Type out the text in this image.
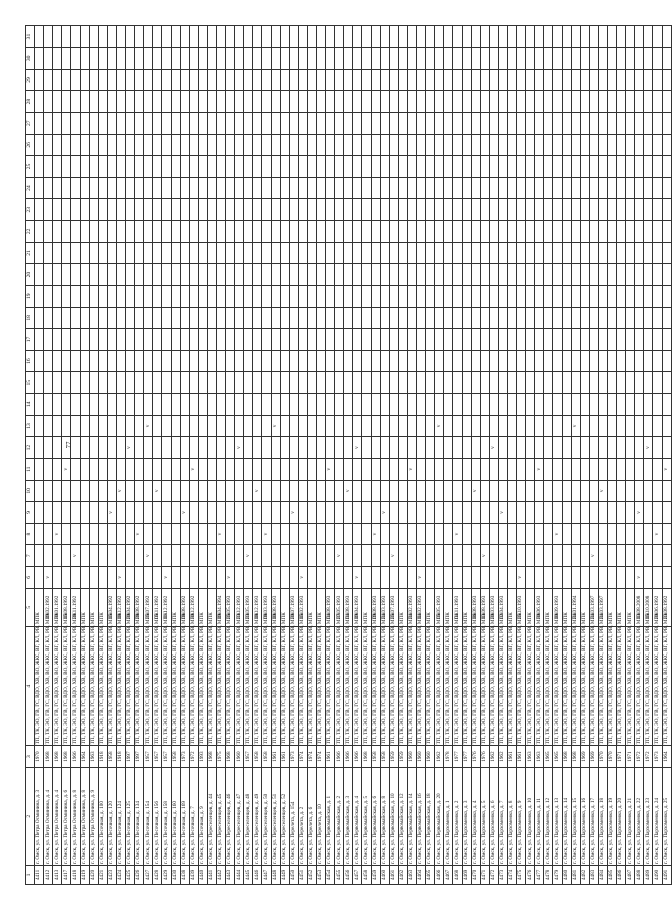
77
1	2	3	4	5	6	7	8	9	10	11	12	13	14	15	16	17	18	19	20	21	22	23	24	25	26	27	28	29	30	31
4411	г. Омск, ул. Петра Осминина, д. 3	1970	ТП, ТК, ЭО, ГВ, ГС, ВДО, ХВ, ВО, ЖКС, ВГ, КЛ, РВ, МПК																											
4412	г. Омск, ул. Петра Осминина, д. 4	1968	ТП, ТК, ЭО, ГВ, ГС, ВДО, ХВ, ВО, ЖКС, ВГ, КЛ, РВ, МПК	19.02.1992	v																									
4413	г. Омск, ул. Петра Осминина, д. 4	1968	ТП, ТК, ЭО, ГВ, ГС, ВДО, ХВ, ВО, ЖКС, ВГ, КЛ, РВ, МПК	30.01.1992			v																							
4417	г. Омск, ул. Петра Осминина, д. 6	1968	ТП, ТК, ЭО, ГВ, ГС, ВДО, ХВ, ВО, ЖКС, ВГ, КЛ, РВ, МПК	15.08.1992						v																				
4418	г. Омск, ул. Петра Осминина, д. 8	1966	ТП, ТК, ЭО, ГВ, ГС, ВДО, ХВ, ВО, ЖКС, ВГ, КЛ, РВ, МПК	28.11.1992		v																								
4419	г. Омск, ул. Петра Осминина, д. 8	1964	ТП, ТК, ЭО, ГВ, ГС, ВДО, ХВ, ВО, ЖКС, ВГ, КЛ, РВ, МПК																											
4420	г. Омск, ул. Петра Осминина, д. 9	1963	ТП, ТК, ЭО, ГВ, ГС, ВДО, ХВ, ВО, ЖКС, ВГ, КЛ, РВ, МПК																											
4421	г. Омск, ул. Песочная, д. 100	1918	ТП, ТК, ЭО, ГВ, ГС, ВДО, ХВ, ВО, ЖКС, ВГ, КЛ, РВ, МПК																											
4423	г. Омск, ул. Песочная, д. 120	1958	ТП, ТК, ЭО, ГВ, ГС, ВДО, ХВ, ВО, ЖКС, ВГ, КЛ, РВ, МПК	15.04.1992				v																						
4424	г. Омск, ул. Песочная, д. 124	1918	ТП, ТК, ЭО, ГВ, ГС, ВДО, ХВ, ВО, ЖКС, ВГ, КЛ, РВ, МПК	18.12.1992	v				v																					
4425	г. Омск, ул. Песочная, д. 125	1997	ТП, ТК, ЭО, ГВ, ГС, ВДО, ХВ, ВО, ЖКС, ВГ, КЛ, РВ, МПК	20.04.1992							v																			
4426	г. Омск, ул. Песочная, д. 134	1997	ТП, ТК, ЭО, ГВ, ГС, ВДО, ХВ, ВО, ЖКС, ВГ, КЛ, РВ, МПК	28.08.1992			v																							
4427	г. Омск, ул. Песочная, д. 154	1957	ТП, ТК, ЭО, ГВ, ГС, ВДО, ХВ, ВО, ЖКС, ВГ, КЛ, РВ, МПК	25.07.1992		v						v																		
4428	г. Омск, ул. Песочная, д. 156	1957	ТП, ТК, ЭО, ГВ, ГС, ВДО, ХВ, ВО, ЖКС, ВГ, КЛ, РВ, МПК	05.11.1992					v																					
4429	г. Омск, ул. Песочная, д. 158	1957	ТП, ТК, ЭО, ГВ, ГС, ВДО, ХВ, ВО, ЖКС, ВГ, КЛ, РВ, МПК	11.12.1992	v																									
4430	г. Омск, ул. Песочная, д. 160	1958	ТП, ТК, ЭО, ГВ, ГС, ВДО, ХВ, ВО, ЖКС, ВГ, КЛ, РВ, МПК																											
4438	г. Омск, ул. Песочная, д. 169	1973	ТП, ТК, ЭО, ГВ, ГС, ВДО, ХВ, ВО, ЖКС, ВГ, КЛ, РВ, МПК	08.08.1992				v																						
4439	г. Омск, ул. Песочная, д. 7	1972	ТП, ТК, ЭО, ГВ, ГС, ВДО, ХВ, ВО, ЖКС, ВГ, КЛ, РВ, МПК	30.12.1992						v																				
4440	г. Омск, ул. Песочная, д. 9	1993	ТП, ТК, ЭО, ГВ, ГС, ВДО, ХВ, ВО, ЖКС, ВГ, КЛ, РВ, МПК																											
4441	г. Омск, ул. Переселенцев, д. 44	1968	ТП, ТК, ЭО, ГВ, ГС, ВДО, ХВ, ВО, ЖКС, ВГ, КЛ, РВ, МПК																											
4442	г. Омск, ул. Переселенцев, д. 45	1975	ТП, ТК, ЭО, ГВ, ГС, ВДО, ХВ, ВО, ЖКС, ВГ, КЛ, РВ, МПК	19.04.1994			v																							
4443	г. Омск, ул. Переселенцев, д. 46	1968	ТП, ТК, ЭО, ГВ, ГС, ВДО, ХВ, ВО, ЖКС, ВГ, КЛ, РВ, МПК	25.05.1993	v																									
4444	г. Омск, ул. Переселенцев, д. 47	1960	ТП, ТК, ЭО, ГВ, ГС, ВДО, ХВ, ВО, ЖКС, ВГ, КЛ, РВ, МПК	23.12.1993							v																			
4445	г. Омск, ул. Переселенцев, д. 48	1957	ТП, ТК, ЭО, ГВ, ГС, ВДО, ХВ, ВО, ЖКС, ВГ, КЛ, РВ, МПК	23.05.1993		v																								
4446	г. Омск, ул. Переселенцев, д. 49	1958	ТП, ТК, ЭО, ГВ, ГС, ВДО, ХВ, ВО, ЖКС, ВГ, КЛ, РВ, МПК	18.12.1993					v																					
4447	г. Омск, ул. Переселенцев, д. 50	1958	ТП, ТК, ЭО, ГВ, ГС, ВДО, ХВ, ВО, ЖКС, ВГ, КЛ, РВ, МПК	08.03.1993			v																							
4448	г. Омск, ул. Переселенцев, д. 51	1961	ТП, ТК, ЭО, ГВ, ГС, ВДО, ХВ, ВО, ЖКС, ВГ, КЛ, РВ, МПК	10.08.1993								v																		
4449	г. Омск, ул. Переселенцев, д. 52	1961	ТП, ТК, ЭО, ГВ, ГС, ВДО, ХВ, ВО, ЖКС, ВГ, КЛ, РВ, МПК																											
4450	г. Омск, ул. Перелета, д. 154	1973	ТП, ТК, ЭО, ГВ, ГС, ВДО, ХВ, ВО, ЖКС, ВГ, КЛ, РВ, МПК	20.07.1993				v																						
4451	г. Омск, ул. Перелета, д. 2	1974	ТП, ТК, ЭО, ГВ, ГС, ВДО, ХВ, ВО, ЖКС, ВГ, КЛ, РВ, МПК	15.02.1993	v																									
4452	г. Омск, ул. Перелета, д. 6	1974	ТП, ТК, ЭО, ГВ, ГС, ВДО, ХВ, ВО, ЖКС, ВГ, КЛ, РВ, МПК																											
4453	г. Омск, ул. Перелета, д. 10	1974	ТП, ТК, ЭО, ГВ, ГС, ВДО, ХВ, ВО, ЖКС, ВГ, КЛ, РВ, МПК																											
4454	г. Омск, ул. Первомайская, д. 1	1961	ТП, ТК, ЭО, ГВ, ГС, ВДО, ХВ, ВО, ЖКС, ВГ, КЛ, РВ, МПК	04.08.1993						v																				
4455	г. Омск, ул. Первомайская, д. 2	1966	ТП, ТК, ЭО, ГВ, ГС, ВДО, ХВ, ВО, ЖКС, ВГ, КЛ, РВ, МПК	27.05.1993		v																								
4456	г. Омск, ул. Первомайская, д. 3	1966	ТП, ТК, ЭО, ГВ, ГС, ВДО, ХВ, ВО, ЖКС, ВГ, КЛ, РВ, МПК	04.08.1993					v																					
4457	г. Омск, ул. Первомайская, д. 4	1966	ТП, ТК, ЭО, ГВ, ГС, ВДО, ХВ, ВО, ЖКС, ВГ, КЛ, РВ, МПК	19.04.1993	v						v																			
4458	г. Омск, ул. Первомайская, д. 5	1968	ТП, ТК, ЭО, ГВ, ГС, ВДО, ХВ, ВО, ЖКС, ВГ, КЛ, РВ, МПК																											
4459	г. Омск, ул. Первомайская, д. 6	1958	ТП, ТК, ЭО, ГВ, ГС, ВДО, ХВ, ВО, ЖКС, ВГ, КЛ, РВ, МПК	09.08.1993			v																							
4460	г. Омск, ул. Первомайская, д. 8	1958	ТП, ТК, ЭО, ГВ, ГС, ВДО, ХВ, ВО, ЖКС, ВГ, КЛ, РВ, МПК	24.03.1993				v																						
4461	г. Омск, ул. Первомайская, д. 10	1959	ТП, ТК, ЭО, ГВ, ГС, ВДО, ХВ, ВО, ЖКС, ВГ, КЛ, РВ, МПК	25.07.1993		v																								
4462	г. Омск, ул. Первомайская, д. 12	1959	ТП, ТК, ЭО, ГВ, ГС, ВДО, ХВ, ВО, ЖКС, ВГ, КЛ, РВ, МПК																											
4463	г. Омск, ул. Первомайская, д. 14	1960	ТП, ТК, ЭО, ГВ, ГС, ВДО, ХВ, ВО, ЖКС, ВГ, КЛ, РВ, МПК	24.02.1993						v																				
4464	г. Омск, ул. Первомайская, д. 16	1960	ТП, ТК, ЭО, ГВ, ГС, ВДО, ХВ, ВО, ЖКС, ВГ, КЛ, РВ, МПК	14.02.1993	v																									
4465	г. Омск, ул. Первомайская, д. 18	1960	ТП, ТК, ЭО, ГВ, ГС, ВДО, ХВ, ВО, ЖКС, ВГ, КЛ, РВ, МПК																											
4466	г. Омск, ул. Первомайская, д. 20	1962	ТП, ТК, ЭО, ГВ, ГС, ВДО, ХВ, ВО, ЖКС, ВГ, КЛ, РВ, МПК	05.05.1993								v																		
4467	г. Омск, ул. Пархоменко, д. 1	1978	ТП, ТК, ЭО, ГВ, ГС, ВДО, ХВ, ВО, ЖКС, ВГ, КЛ, РВ, МПК																											
4468	г. Омск, ул. Пархоменко, д. 2	1977	ТП, ТК, ЭО, ГВ, ГС, ВДО, ХВ, ВО, ЖКС, ВГ, КЛ, РВ, МПК	04.11.1993			v																							
4469	г. Омск, ул. Пархоменко, д. 3	1977	ТП, ТК, ЭО, ГВ, ГС, ВДО, ХВ, ВО, ЖКС, ВГ, КЛ, РВ, МПК																											
4470	г. Омск, ул. Пархоменко, д. 4	1976	ТП, ТК, ЭО, ГВ, ГС, ВДО, ХВ, ВО, ЖКС, ВГ, КЛ, РВ, МПК	16.08.1993					v																					
4471	г. Омск, ул. Пархоменко, д. 5	1976	ТП, ТК, ЭО, ГВ, ГС, ВДО, ХВ, ВО, ЖКС, ВГ, КЛ, РВ, МПК	13.08.1993		v																								
4472	г. Омск, ул. Пархоменко, д. 6	1962	ТП, ТК, ЭО, ГВ, ГС, ВДО, ХВ, ВО, ЖКС, ВГ, КЛ, РВ, МПК	20.03.1993							v																			
4473	г. Омск, ул. Пархоменко, д. 7	1962	ТП, ТК, ЭО, ГВ, ГС, ВДО, ХВ, ВО, ЖКС, ВГ, КЛ, РВ, МПК	02.04.1993				v																						
4474	г. Омск, ул. Пархоменко, д. 8	1961	ТП, ТК, ЭО, ГВ, ГС, ВДО, ХВ, ВО, ЖКС, ВГ, КЛ, РВ, МПК																											
4475	г. Омск, ул. Пархоменко, д. 9	1961	ТП, ТК, ЭО, ГВ, ГС, ВДО, ХВ, ВО, ЖКС, ВГ, КЛ, РВ, МПК	25.10.1993	v																									
4476	г. Омск, ул. Пархоменко, д. 10	1963	ТП, ТК, ЭО, ГВ, ГС, ВДО, ХВ, ВО, ЖКС, ВГ, КЛ, РВ, МПК																											
4477	г. Омск, ул. Пархоменко, д. 11	1963	ТП, ТК, ЭО, ГВ, ГС, ВДО, ХВ, ВО, ЖКС, ВГ, КЛ, РВ, МПК	30.06.1993						v																				
4478	г. Омск, ул. Пархоменко, д. 12	1965	ТП, ТК, ЭО, ГВ, ГС, ВДО, ХВ, ВО, ЖКС, ВГ, КЛ, РВ, МПК																											
4479	г. Омск, ул. Пархоменко, д. 13	1965	ТП, ТК, ЭО, ГВ, ГС, ВДО, ХВ, ВО, ЖКС, ВГ, КЛ, РВ, МПК	10.09.1993			v																							
4480	г. Омск, ул. Пархоменко, д. 14	1968	ТП, ТК, ЭО, ГВ, ГС, ВДО, ХВ, ВО, ЖКС, ВГ, КЛ, РВ, МПК																											
4481	г. Омск, ул. Пархоменко, д. 15	1968	ТП, ТК, ЭО, ГВ, ГС, ВДО, ХВ, ВО, ЖКС, ВГ, КЛ, РВ, МПК	24.01.1994								v																		
4482	г. Омск, ул. Пархоменко, д. 16	1969	ТП, ТК, ЭО, ГВ, ГС, ВДО, ХВ, ВО, ЖКС, ВГ, КЛ, РВ, МПК																											
4483	г. Омск, ул. Пархоменко, д. 17	1969	ТП, ТК, ЭО, ГВ, ГС, ВДО, ХВ, ВО, ЖКС, ВГ, КЛ, РВ, МПК	24.03.1997		v																								
4484	г. Омск, ул. Пархоменко, д. 18	1970	ТП, ТК, ЭО, ГВ, ГС, ВДО, ХВ, ВО, ЖКС, ВГ, КЛ, РВ, МПК	24.03.1997					v																					
4485	г. Омск, ул. Пархоменко, д. 19	1970	ТП, ТК, ЭО, ГВ, ГС, ВДО, ХВ, ВО, ЖКС, ВГ, КЛ, РВ, МПК																											
4486	г. Омск, ул. Пархоменко, д. 20	1971	ТП, ТК, ЭО, ГВ, ГС, ВДО, ХВ, ВО, ЖКС, ВГ, КЛ, РВ, МПК																											
4487	г. Омск, ул. Пархоменко, д. 21	1971	ТП, ТК, ЭО, ГВ, ГС, ВДО, ХВ, ВО, ЖКС, ВГ, КЛ, РВ, МПК																											
4488	г. Омск, ул. Пархоменко, д. 22	1972	ТП, ТК, ЭО, ГВ, ГС, ВДО, ХВ, ВО, ЖКС, ВГ, КЛ, РВ, МПК	13.08.2008	v			v																						
4489	г. Омск, ул. Пархоменко, д. 23	1972	ТП, ТК, ЭО, ГВ, ГС, ВДО, ХВ, ВО, ЖКС, ВГ, КЛ, РВ, МПК	15.10.2008							v																			
4490	г. Омск, ул. Пархоменко, д. 24	1973	ТП, ТК, ЭО, ГВ, ГС, ВДО, ХВ, ВО, ЖКС, ВГ, КЛ, РВ, МПК	20.06.1992			v																							
4491	г. Омск, ул. Пархоменко, д. 25	1964	ТП, ТК, ЭО, ГВ, ГС, ВДО, ХВ, ВО, ЖКС, ВГ, КЛ, РВ, МПК	23.08.1992						v																				
